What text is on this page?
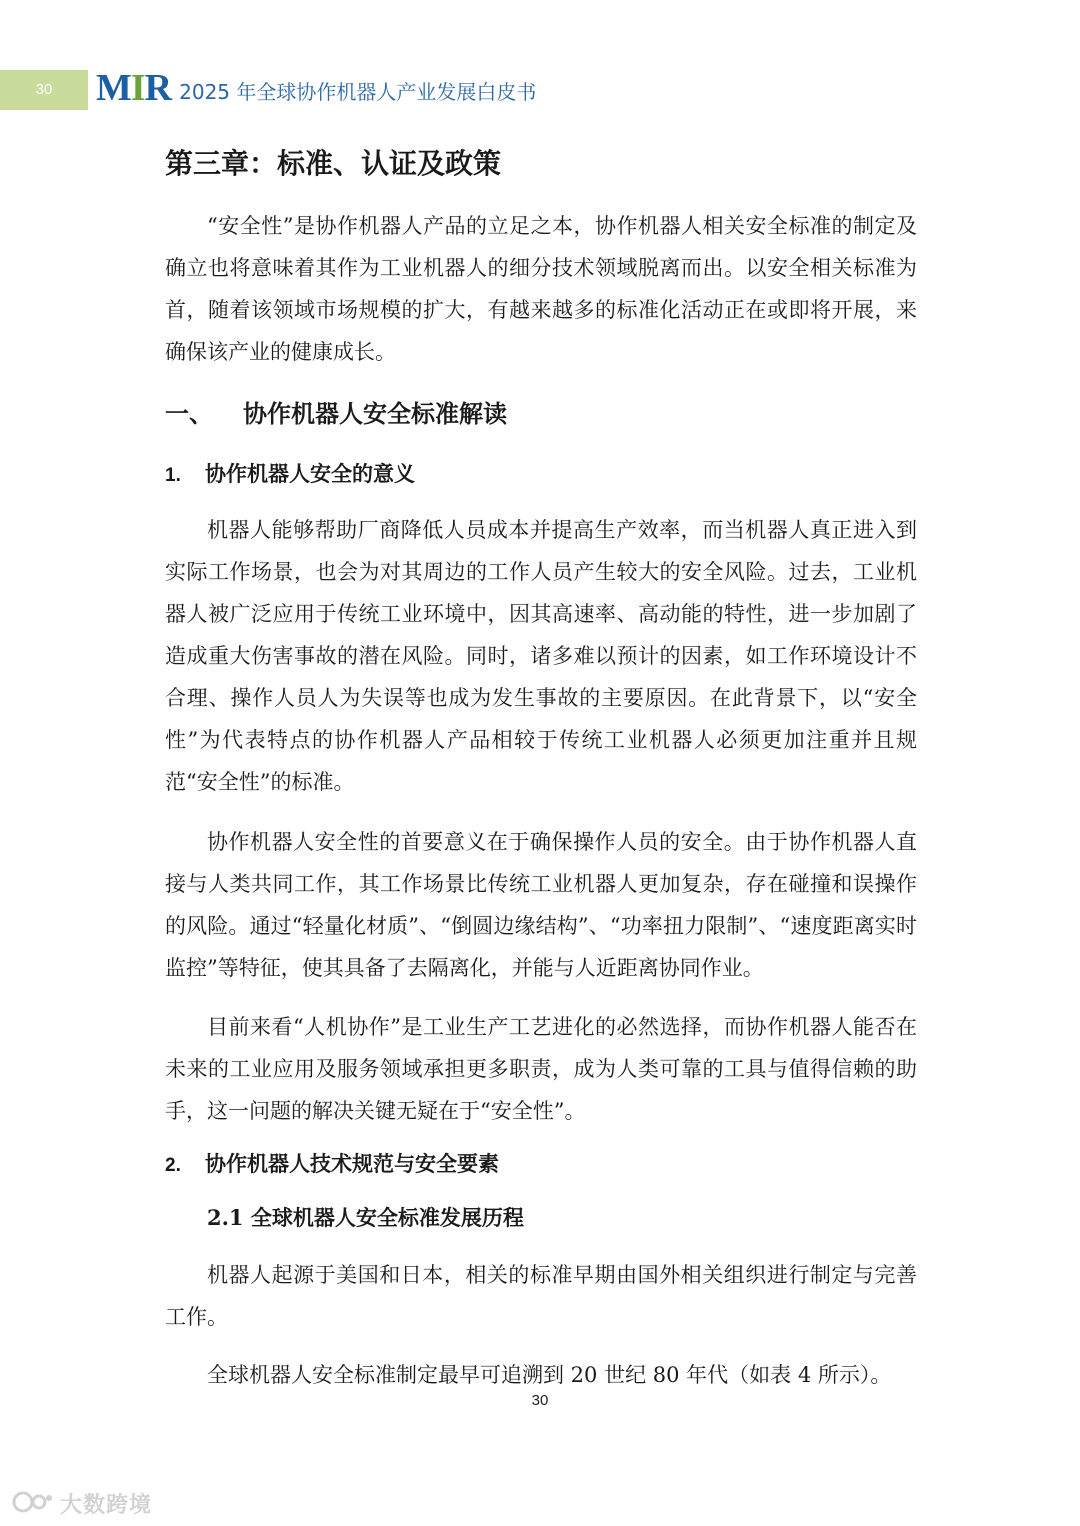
30	MIR 2025 年全球协作机器人产业发展白皮书
第三章：标准、认证及政策

“安全性”是协作机器人产品的立足之本，协作机器人相关安全标准的制定及确立也将意味着其作为工业机器人的细分技术领域脱离而出。以安全相关标准为首，随着该领域市场规模的扩大，有越来越多的标准化活动正在或即将开展，来确保该产业的健康成长。

一、 协作机器人安全标准解读
1. 协作机器人安全的意义

机器人能够帮助厂商降低人员成本并提高生产效率，而当机器人真正进入到实际工作场景，也会为对其周边的工作人员产生较大的安全风险。过去，工业机器人被广泛应用于传统工业环境中，因其高速率、高动能的特性，进一步加剧了造成重大伤害事故的潜在风险。同时，诸多难以预计的因素，如工作环境设计不合理、操作人员人为失误等也成为发生事故的主要原因。在此背景下，以“安全性”为代表特点的协作机器人产品相较于传统工业机器人必须更加注重并且规范“安全性”的标准。

协作机器人安全性的首要意义在于确保操作人员的安全。由于协作机器人直接与人类共同工作，其工作场景比传统工业机器人更加复杂，存在碰撞和误操作的风险。通过“轻量化材质”、“倒圆边缘结构”、“功率扭力限制”、“速度距离实时监控”等特征，使其具备了去隔离化，并能与人近距离协同作业。

目前来看“人机协作”是工业生产工艺进化的必然选择，而协作机器人能否在未来的工业应用及服务领域承担更多职责，成为人类可靠的工具与值得信赖的助手，这一问题的解决关键无疑在于“安全性”。

2. 协作机器人技术规范与安全要素
2.1 全球机器人安全标准发展历程

机器人起源于美国和日本，相关的标准早期由国外相关组织进行制定与完善工作。

全球机器人安全标准制定最早可追溯到 20 世纪 80 年代（如表 4 所示）。

30
大数跨境
